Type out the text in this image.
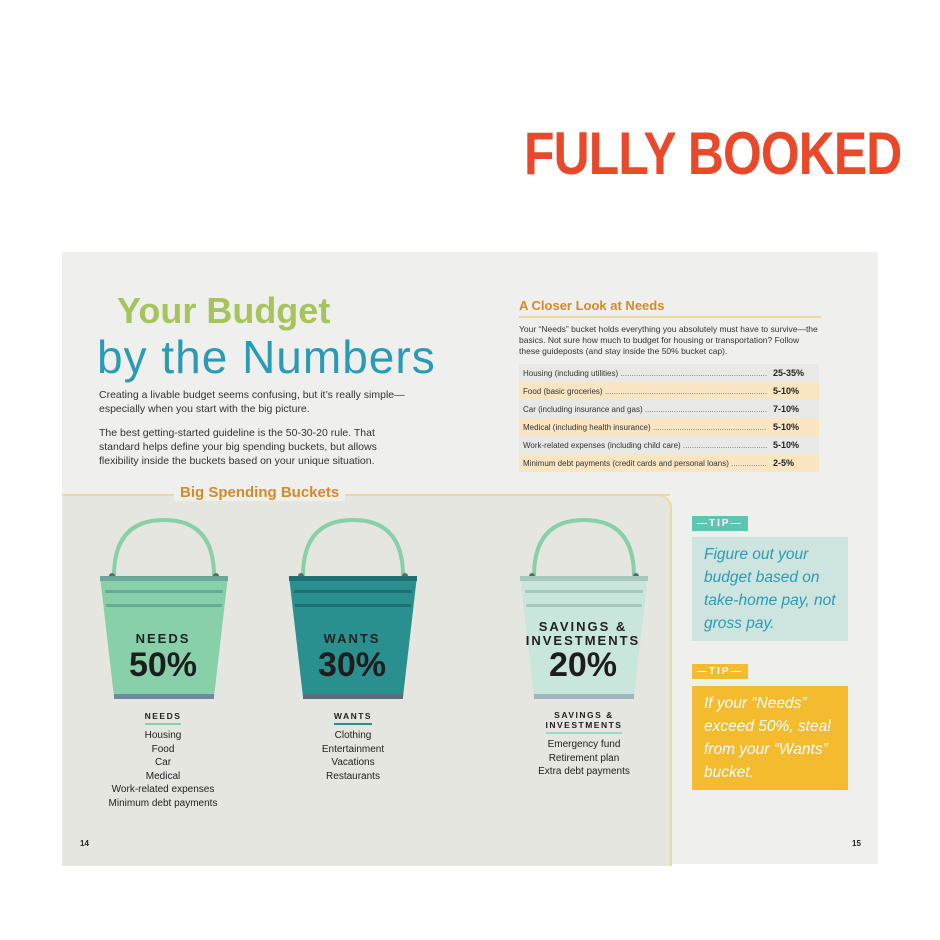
FULLY BOOKED
Your Budget
by the Numbers

Creating a livable budget seems confusing, but it’s really simple—especially when you start with the big picture.

The best getting-started guideline is the 50-30-20 rule. That standard helps define your big spending buckets, but allows flexibility inside the buckets based on your unique situation.

A Closer Look at Needs
Your “Needs” bucket holds everything you absolutely must have to survive—the basics. Not sure how much to budget for housing or transportation? Follow these guideposts (and stay inside the 50% bucket cap).
Housing (including utilities) .....	25-35%
Food (basic groceries) .....	5-10%
Car (including insurance and gas) .....	7-10%
Medical (including health insurance) .....	5-10%
Work-related expenses (including child care) .....	5-10%
Minimum debt payments (credit cards and personal loans) .....	2-5%
Big Spending Buckets
NEEDS
50%
WANTS
30%
SAVINGS &
INVESTMENTS
20%
NEEDS
Housing
Food
Car
Medical
Work-related expenses
Minimum debt payments
WANTS
Clothing
Entertainment
Vacations
Restaurants
SAVINGS &
INVESTMENTS
Emergency fund
Retirement plan
Extra debt payments
—TIP—
Figure out your budget based on take-home pay, not gross pay.
—TIP—
If your “Needs” exceed 50%, steal from your “Wants” bucket.
14	15
